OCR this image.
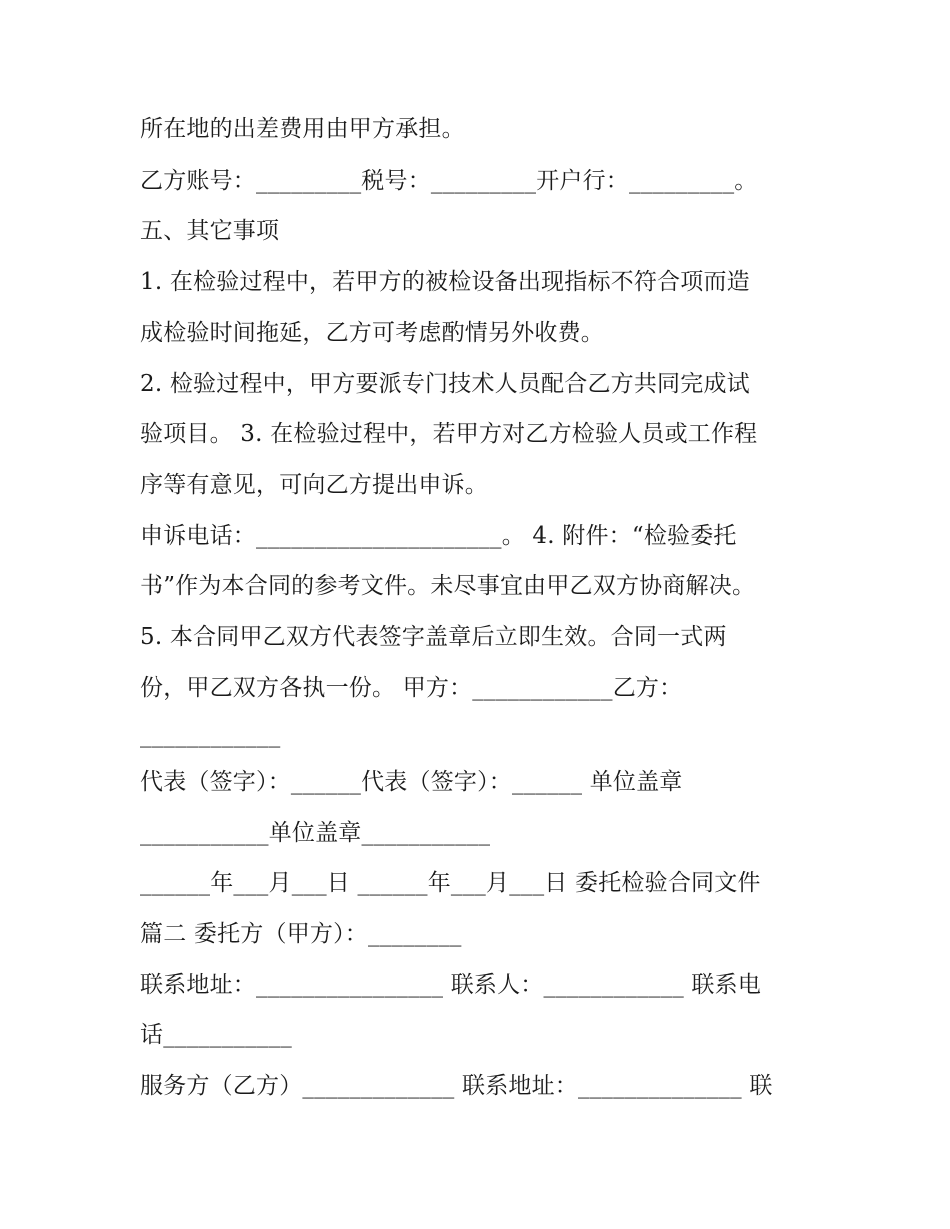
所在地的出差费用由甲方承担。
乙方账号：_________税号：_________开户行：_________。
五、其它事项
1. 在检验过程中，若甲方的被检设备出现指标不符合项而造
成检验时间拖延，乙方可考虑酌情另外收费。
2. 检验过程中，甲方要派专门技术人员配合乙方共同完成试
验项目。 3. 在检验过程中，若甲方对乙方检验人员或工作程
序等有意见，可向乙方提出申诉。
申诉电话：_____________________。 4. 附件：“检验委托
书”作为本合同的参考文件。未尽事宜由甲乙双方协商解决。
5. 本合同甲乙双方代表签字盖章后立即生效。合同一式两
份，甲乙双方各执一份。 甲方：____________乙方：
____________
代表（签字）：______代表（签字）：______ 单位盖章
___________单位盖章___________
______年___月___日 ______年___月___日 委托检验合同文件
篇二 委托方（甲方）：________
联系地址：________________ 联系人：____________ 联系电
话___________
服务方（乙方）_____________ 联系地址：______________ 联
